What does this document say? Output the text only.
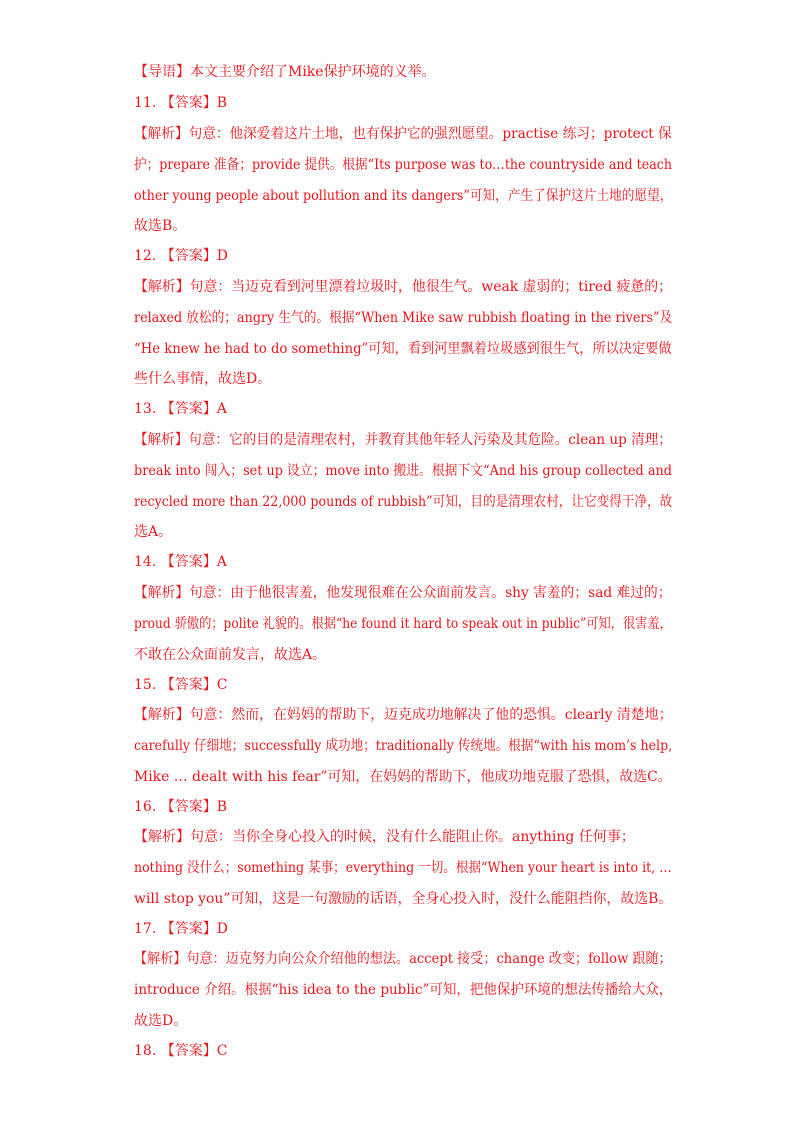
【导语】本文主要介绍了Mike保护环境的义举。
11. 【答案】B
【解析】句意：他深爱着这片土地，也有保护它的强烈愿望。practise 练习；protect 保
护；prepare 准备；provide 提供。根据“Its purpose was to…the countryside and teach
other young people about pollution and its dangers”可知，产生了保护这片土地的愿望，
故选B。
12. 【答案】D
【解析】句意：当迈克看到河里漂着垃圾时，他很生气。weak 虚弱的；tired 疲惫的；
relaxed 放松的；angry 生气的。根据“When Mike saw rubbish floating in the rivers”及
“He knew he had to do something”可知，看到河里飘着垃圾感到很生气，所以决定要做
些什么事情，故选D。
13. 【答案】A
【解析】句意：它的目的是清理农村，并教育其他年轻人污染及其危险。clean up 清理；
break into 闯入；set up 设立；move into 搬进。根据下文“And his group collected and
recycled more than 22,000 pounds of rubbish”可知，目的是清理农村，让它变得干净，故
选A。
14. 【答案】A
【解析】句意：由于他很害羞，他发现很难在公众面前发言。shy 害羞的；sad 难过的；
proud 骄傲的；polite 礼貌的。根据“he found it hard to speak out in public”可知，很害羞，
不敢在公众面前发言，故选A。
15. 【答案】C
【解析】句意：然而，在妈妈的帮助下，迈克成功地解决了他的恐惧。clearly 清楚地；
carefully 仔细地；successfully 成功地；traditionally 传统地。根据“with his mom’s help,
Mike … dealt with his fear”可知，在妈妈的帮助下，他成功地克服了恐惧，故选C。
16. 【答案】B
【解析】句意：当你全身心投入的时候，没有什么能阻止你。anything 任何事；
nothing 没什么；something 某事；everything 一切。根据“When your heart is into it, …
will stop you”可知，这是一句激励的话语，全身心投入时，没什么能阻挡你，故选B。
17. 【答案】D
【解析】句意：迈克努力向公众介绍他的想法。accept 接受；change 改变；follow 跟随；
introduce 介绍。根据“his idea to the public”可知，把他保护环境的想法传播给大众，
故选D。
18. 【答案】C
